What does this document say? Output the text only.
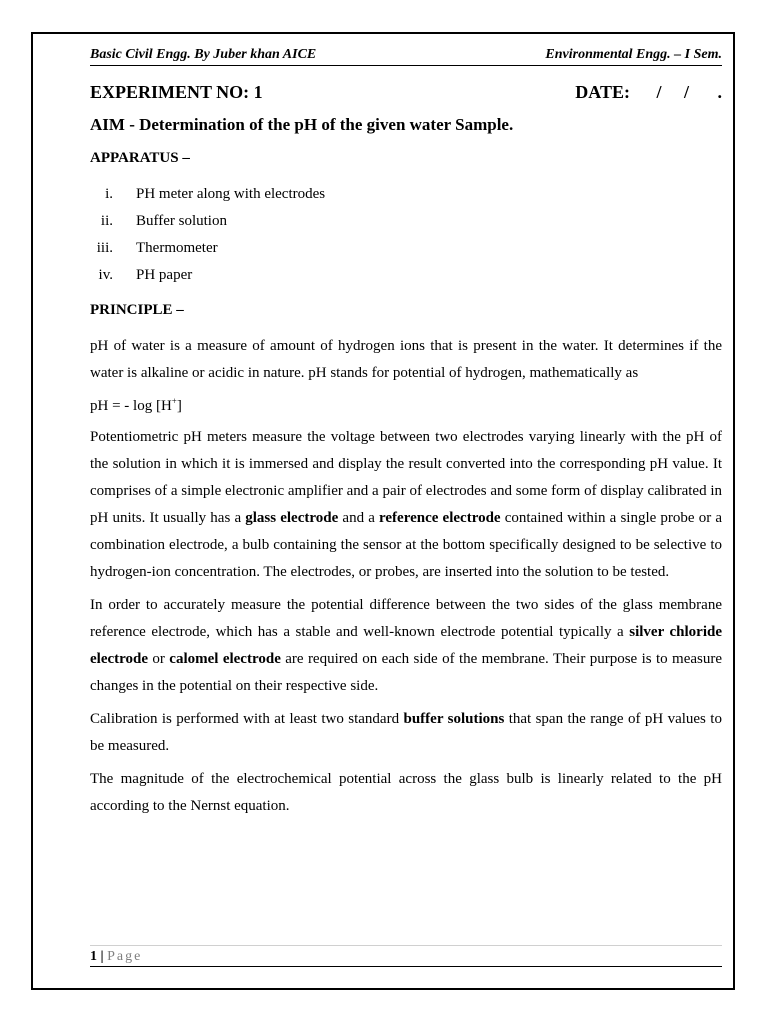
Basic Civil Engg. By Juber khan AICE	Environmental Engg. – I Sem.
EXPERIMENT NO: 1	DATE: / / .
AIM - Determination of the pH of the given water Sample.
APPARATUS –
i. PH meter along with electrodes
ii. Buffer solution
iii. Thermometer
iv. PH paper
PRINCIPLE –

pH of water is a measure of amount of hydrogen ions that is present in the water. It determines if the water is alkaline or acidic in nature. pH stands for potential of hydrogen, mathematically as

pH = - log [H+]

Potentiometric pH meters measure the voltage between two electrodes varying linearly with the pH of the solution in which it is immersed and display the result converted into the corresponding pH value. It comprises of a simple electronic amplifier and a pair of electrodes and some form of display calibrated in pH units. It usually has a glass electrode and a reference electrode contained within a single probe or a combination electrode, a bulb containing the sensor at the bottom specifically designed to be selective to hydrogen-ion concentration. The electrodes, or probes, are inserted into the solution to be tested.

In order to accurately measure the potential difference between the two sides of the glass membrane reference electrode, which has a stable and well-known electrode potential typically a silver chloride electrode or calomel electrode are required on each side of the membrane. Their purpose is to measure changes in the potential on their respective side.

Calibration is performed with at least two standard buffer solutions that span the range of pH values to be measured.

The magnitude of the electrochemical potential across the glass bulb is linearly related to the pH according to the Nernst equation.

1 | Page
